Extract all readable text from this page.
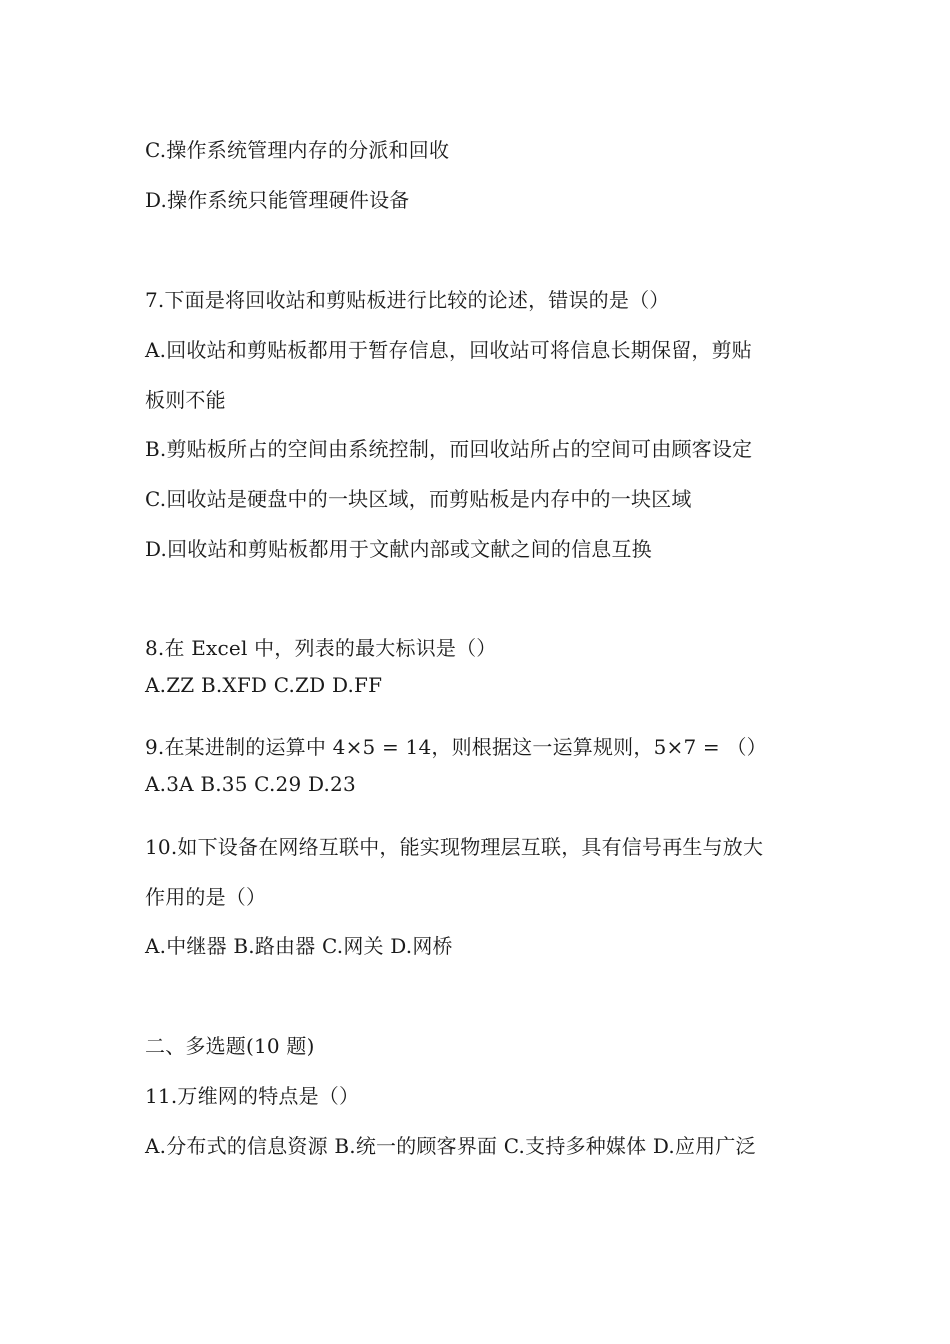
C.操作系统管理内存的分派和回收
D.操作系统只能管理硬件设备
7.下面是将回收站和剪贴板进行比较的论述，错误的是（）
A.回收站和剪贴板都用于暂存信息，回收站可将信息长期保留，剪贴
板则不能
B.剪贴板所占的空间由系统控制，而回收站所占的空间可由顾客设定
C.回收站是硬盘中的一块区域，而剪贴板是内存中的一块区域
D.回收站和剪贴板都用于文献内部或文献之间的信息互换
8.在 Excel 中，列表的最大标识是（）
A.ZZ B.XFD C.ZD D.FF
9.在某进制的运算中 4×5 = 14，则根据这一运算规则，5×7 = （）
A.3A B.35 C.29 D.23
10.如下设备在网络互联中，能实现物理层互联，具有信号再生与放大
作用的是（）
A.中继器 B.路由器 C.网关 D.网桥
二、多选题(10 题)
11.万维网的特点是（）
A.分布式的信息资源 B.统一的顾客界面 C.支持多种媒体 D.应用广泛
